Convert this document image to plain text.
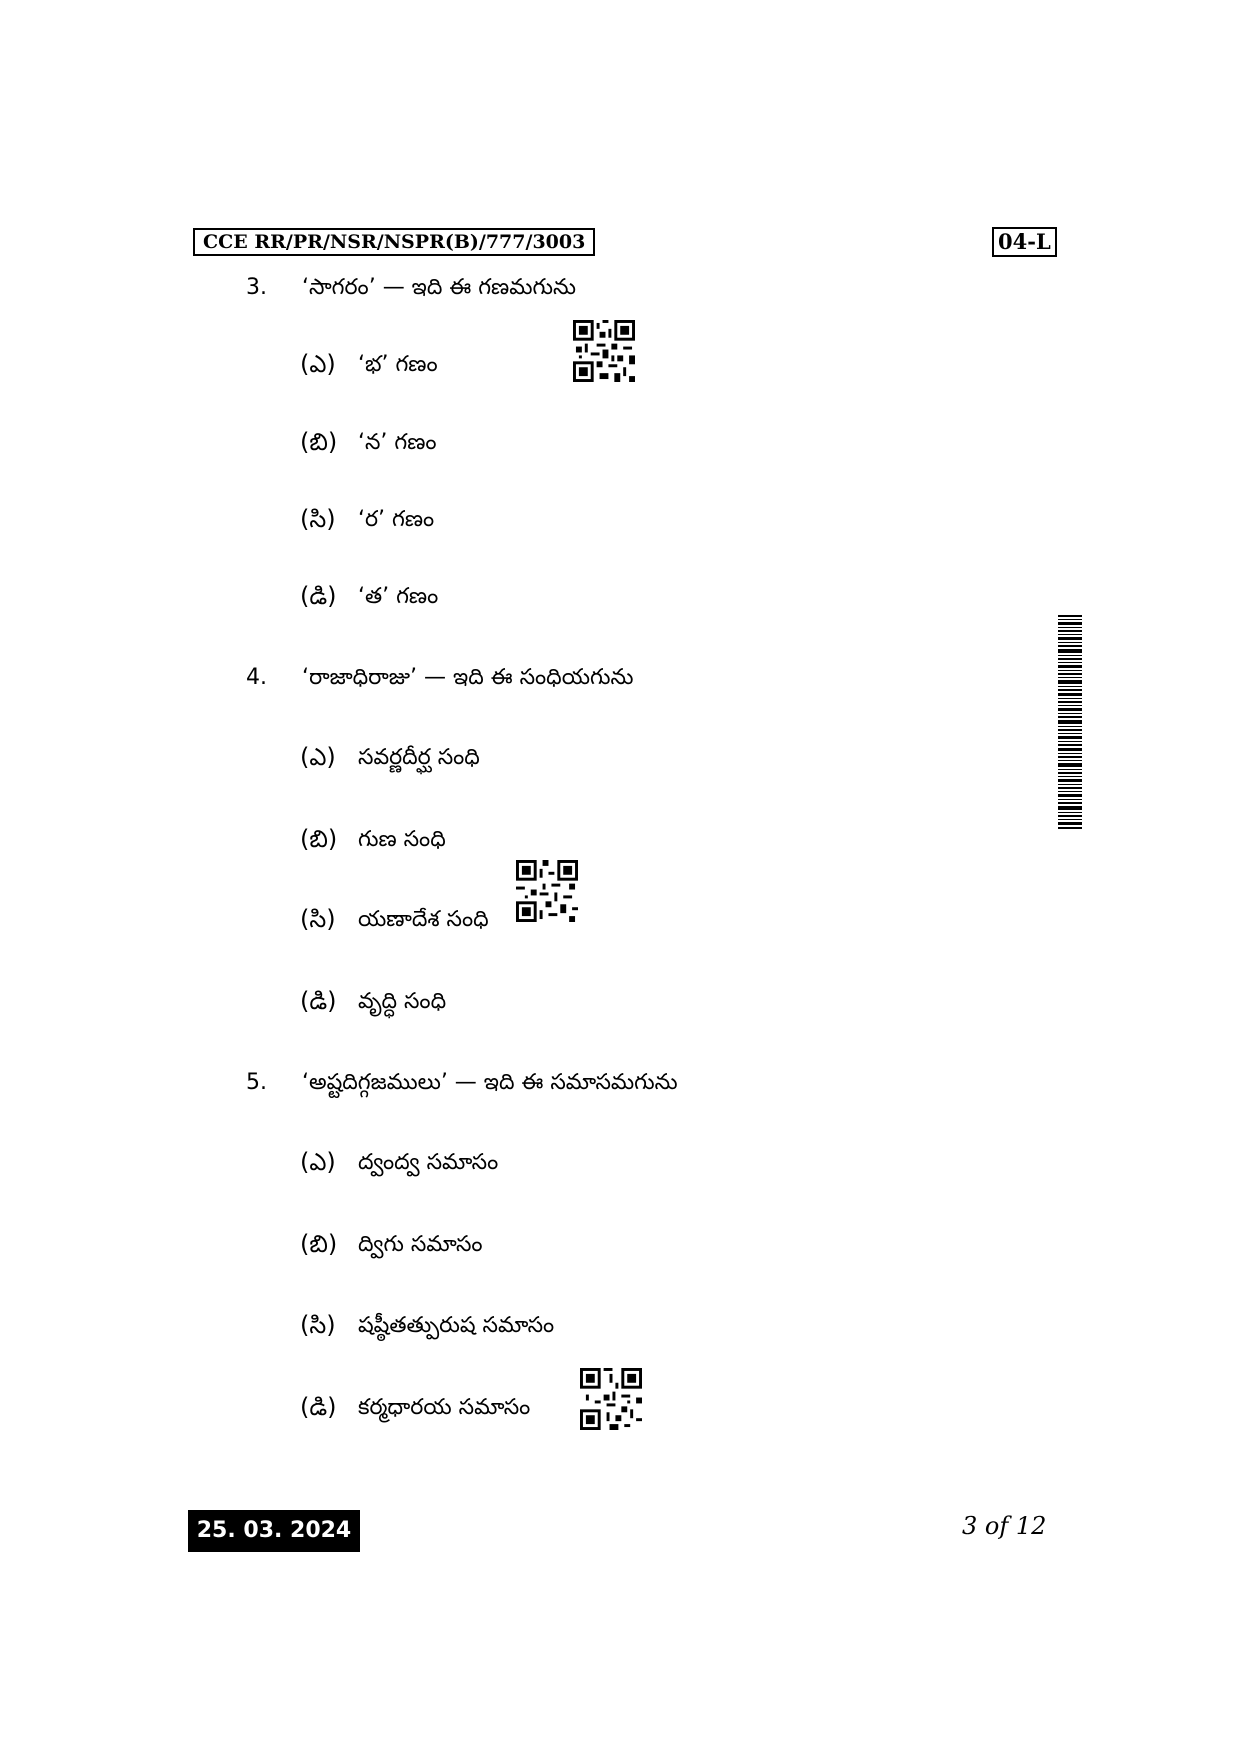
CCE RR/PR/NSR/NSPR(B)/777/3003	04-L
3. ‘సాగరం’ — ఇది ఈ గణమగును
(ఎ) ‘భ’ గణం
(బి) ‘న’ గణం
(సి) ‘ర’ గణం
(డి) ‘త’ గణం
4. ‘రాజాధిరాజు’ — ఇది ఈ సంధియగును
(ఎ) సవర్ణదీర్ఘ సంధి
(బి) గుణ సంధి
(సి) యణాదేశ సంధి
(డి) వృద్ధి సంధి
5. ‘అష్టదిగ్గజములు’ — ఇది ఈ సమాసమగును
(ఎ) ద్వంద్వ సమాసం
(బి) ద్విగు సమాసం
(సి) షష్ఠీతత్పురుష సమాసం
(డి) కర్మధారయ సమాసం
25. 03. 2024	3 of 12
